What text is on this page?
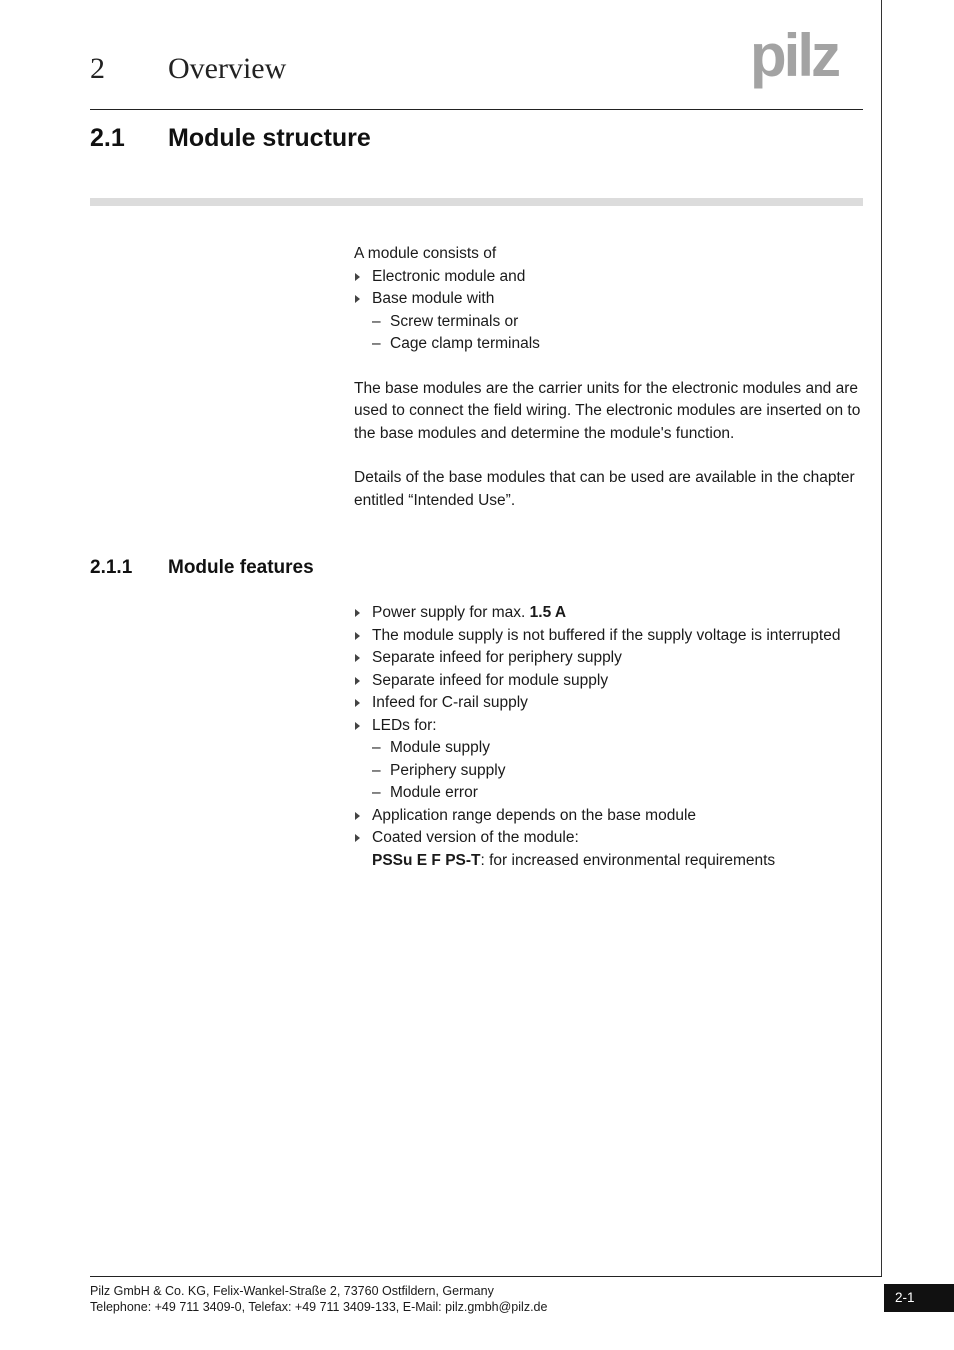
2 Overview	pilz
2.1 Module structure

A module consists of

Electronic module and
Base module with
– Screw terminals or
– Cage clamp terminals

The base modules are the carrier units for the electronic modules and are used to connect the field wiring. The electronic modules are inserted on to the base modules and determine the module's function.

Details of the base modules that can be used are available in the chapter entitled “Intended Use”.

2.1.1 Module features
Power supply for max. 1.5 A
The module supply is not buffered if the supply voltage is interrupted
Separate infeed for periphery supply
Separate infeed for module supply
Infeed for C-rail supply
LEDs for:
– Module supply
– Periphery supply
– Module error
Application range depends on the base module
Coated version of the module:
PSSu E F PS-T: for increased environmental requirements
Pilz GmbH & Co. KG, Felix-Wankel-Straße 2, 73760 Ostfildern, Germany
Telephone: +49 711 3409-0, Telefax: +49 711 3409-133, E-Mail: pilz.gmbh@pilz.de
2-1
